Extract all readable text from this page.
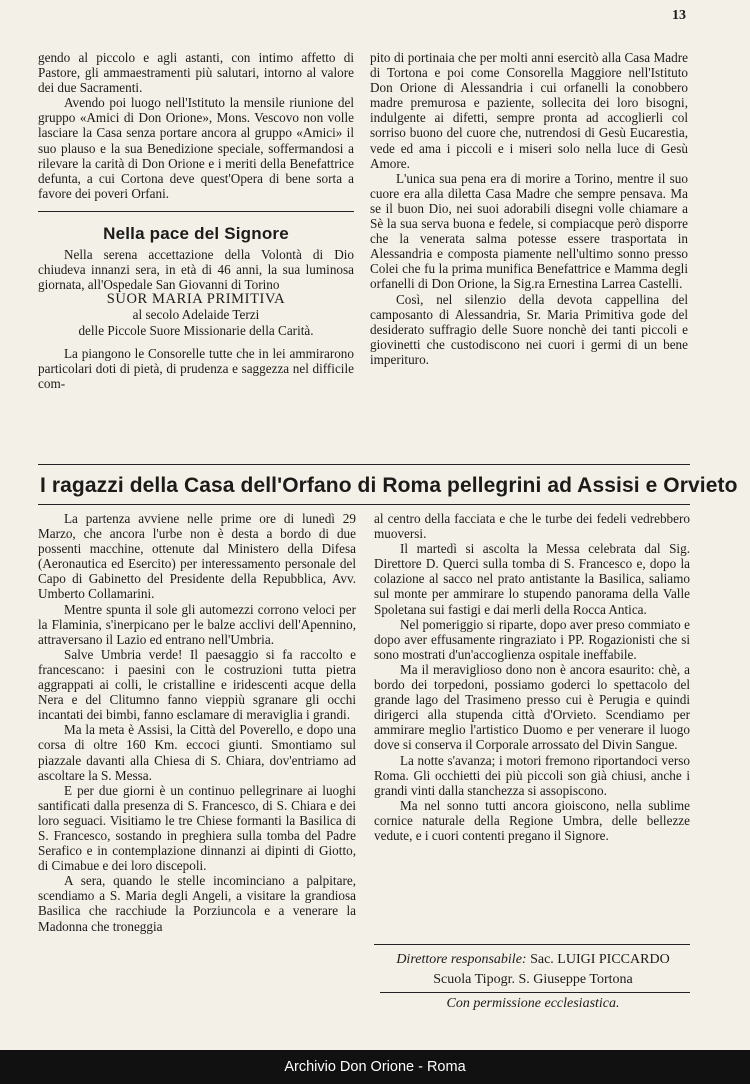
13

gendo al piccolo e agli astanti, con intimo affetto di Pastore, gli ammaestramenti più salutari, intorno al valore dei due Sacramenti.

Avendo poi luogo nell'Istituto la mensile riunione del gruppo «Amici di Don Orione», Mons. Vescovo non volle lasciare la Casa senza portare ancora al gruppo «Amici» il suo plauso e la sua Benedizione speciale, soffermandosi a rilevare la carità di Don Orione e i meriti della Benefattrice defunta, a cui Cortona deve quest'Opera di bene sorta a favore dei poveri Orfani.

Nella pace del Signore

Nella serena accettazione della Volontà di Dio chiudeva innanzi sera, in età di 46 anni, la sua luminosa giornata, all'Ospedale San Giovanni di Torino

SUOR MARIA PRIMITIVA

al secolo Adelaide Terzi

delle Piccole Suore Missionarie della Carità.

La piangono le Consorelle tutte che in lei ammirarono particolari doti di pietà, di prudenza e saggezza nel difficile com-

pito di portinaia che per molti anni esercitò alla Casa Madre di Tortona e poi come Consorella Maggiore nell'Istituto Don Orione di Alessandria i cui orfanelli la conobbero madre premurosa e paziente, sollecita dei loro bisogni, indulgente ai difetti, sempre pronta ad accoglierli col sorriso buono del cuore che, nutrendosi di Gesù Eucarestia, vede ed ama i piccoli e i miseri solo nella luce di Gesù Amore.

L'unica sua pena era di morire a Torino, mentre il suo cuore era alla diletta Casa Madre che sempre pensava. Ma se il buon Dio, nei suoi adorabili disegni volle chiamare a Sè la sua serva buona e fedele, si compiacque però disporre che la venerata salma potesse essere trasportata in Alessandria e composta piamente nell'ultimo sonno presso Colei che fu la prima munifica Benefattrice e Mamma degli orfanelli di Don Orione, la Sig.ra Ernestina Larrea Castelli.

Così, nel silenzio della devota cappellina del camposanto di Alessandria, Sr. Maria Primitiva gode del desiderato suffragio delle Suore nonchè dei tanti piccoli e giovinetti che custodiscono nei cuori i germi di un bene imperituro.

I ragazzi della Casa dell'Orfano di Roma pellegrini ad Assisi e Orvieto

La partenza avviene nelle prime ore di lunedì 29 Marzo, che ancora l'urbe non è desta a bordo di due possenti macchine, ottenute dal Ministero della Difesa (Aeronautica ed Esercito) per interessamento personale del Capo di Gabinetto del Presidente della Repubblica, Avv. Umberto Collamarini.

Mentre spunta il sole gli automezzi corrono veloci per la Flaminia, s'inerpicano per le balze acclivi dell'Apennino, attraversano il Lazio ed entrano nell'Umbria.

Salve Umbria verde! Il paesaggio si fa raccolto e francescano: i paesini con le costruzioni tutta pietra aggrappati ai colli, le cristalline e iridescenti acque della Nera e del Clitumno fanno vieppiù sgranare gli occhi incantati dei bimbi, fanno esclamare di meraviglia i grandi.

Ma la meta è Assisi, la Città del Poverello, e dopo una corsa di oltre 160 Km. eccoci giunti. Smontiamo sul piazzale davanti alla Chiesa di S. Chiara, dov'entriamo ad ascoltare la S. Messa.

E per due giorni è un continuo pellegrinare ai luoghi santificati dalla presenza di S. Francesco, di S. Chiara e dei loro seguaci. Visitiamo le tre Chiese formanti la Basilica di S. Francesco, sostando in preghiera sulla tomba del Padre Serafico e in contemplazione dinnanzi ai dipinti di Giotto, di Cimabue e dei loro discepoli.

A sera, quando le stelle incominciano a palpitare, scendiamo a S. Maria degli Angeli, a visitare la grandiosa Basilica che racchiude la Porziuncola e a venerare la Madonna che troneggia

al centro della facciata e che le turbe dei fedeli vedrebbero muoversi.

Il martedì si ascolta la Messa celebrata dal Sig. Direttore D. Querci sulla tomba di S. Francesco e, dopo la colazione al sacco nel prato antistante la Basilica, saliamo sul monte per ammirare lo stupendo panorama della Valle Spoletana sui fastigi e dai merli della Rocca Antica.

Nel pomeriggio si riparte, dopo aver preso commiato e dopo aver effusamente ringraziato i PP. Rogazionisti che si sono mostrati d'un'accoglienza ospitale ineffabile.

Ma il meraviglioso dono non è ancora esaurito: chè, a bordo dei torpedoni, possiamo goderci lo spettacolo del grande lago del Trasimeno presso cui è Perugia e quindi dirigerci alla stupenda città d'Orvieto. Scendiamo per ammirare meglio l'artistico Duomo e per venerare il luogo dove si conserva il Corporale arrossato del Divin Sangue.

La notte s'avanza; i motori fremono riportandoci verso Roma. Gli occhietti dei più piccoli son già chiusi, anche i grandi vinti dalla stanchezza si assopiscono.

Ma nel sonno tutti ancora gioiscono, nella sublime cornice naturale della Regione Umbra, delle bellezze vedute, e i cuori contenti pregano il Signore.

Direttore responsabile: Sac. LUIGI PICCARDO
Scuola Tipogr. S. Giuseppe Tortona
Con permissione ecclesiastica.
Archivio Don Orione - Roma
